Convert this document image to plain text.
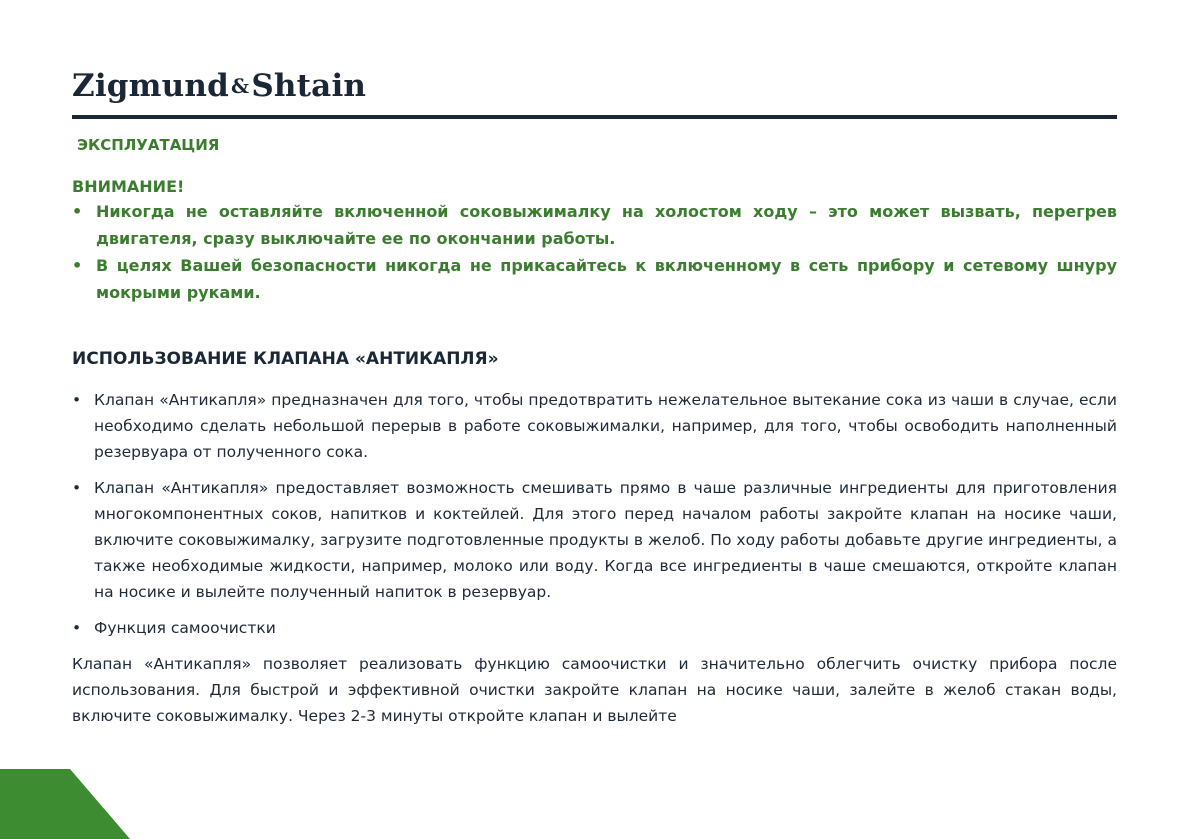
Zigmund &Shtain
ЭКСПЛУАТАЦИЯ
ВНИМАНИЕ!
• Никогда не оставляйте включенной соковыжималку на холостом ходу – это может вызвать, перегрев двигателя, сразу выключайте ее по окончании работы.
• В целях Вашей безопасности никогда не прикасайтесь к включенному в сеть прибору и сетевому шнуру мокрыми руками.
ИСПОЛЬЗОВАНИЕ КЛАПАНА «АНТИКАПЛЯ»
• Клапан «Антикапля» предназначен для того, чтобы предотвратить нежелательное вытекание сока из чаши в случае, если необходимо сделать небольшой перерыв в работе соковыжималки, например, для того, чтобы освободить наполненный резервуара от полученного сока.
• Клапан «Антикапля» предоставляет возможность смешивать прямо в чаше различные ингредиенты для приготовления многокомпонентных соков, напитков и коктейлей. Для этого перед началом работы закройте клапан на носике чаши, включите соковыжималку, загрузите подготовленные продукты в желоб. По ходу работы добавьте другие ингредиенты, а также необходимые жидкости, например, молоко или воду. Когда все ингредиенты в чаше смешаются, откройте клапан на носике и вылейте полученный напиток в резервуар.
• Функция самоочистки

Клапан «Антикапля» позволяет реализовать функцию самоочистки и значительно облегчить очистку прибора после использования. Для быстрой и эффективной очистки закройте клапан на носике чаши, залейте в желоб стакан воды, включите соковыжималку. Через 2-3 минуты откройте клапан и вылейте
